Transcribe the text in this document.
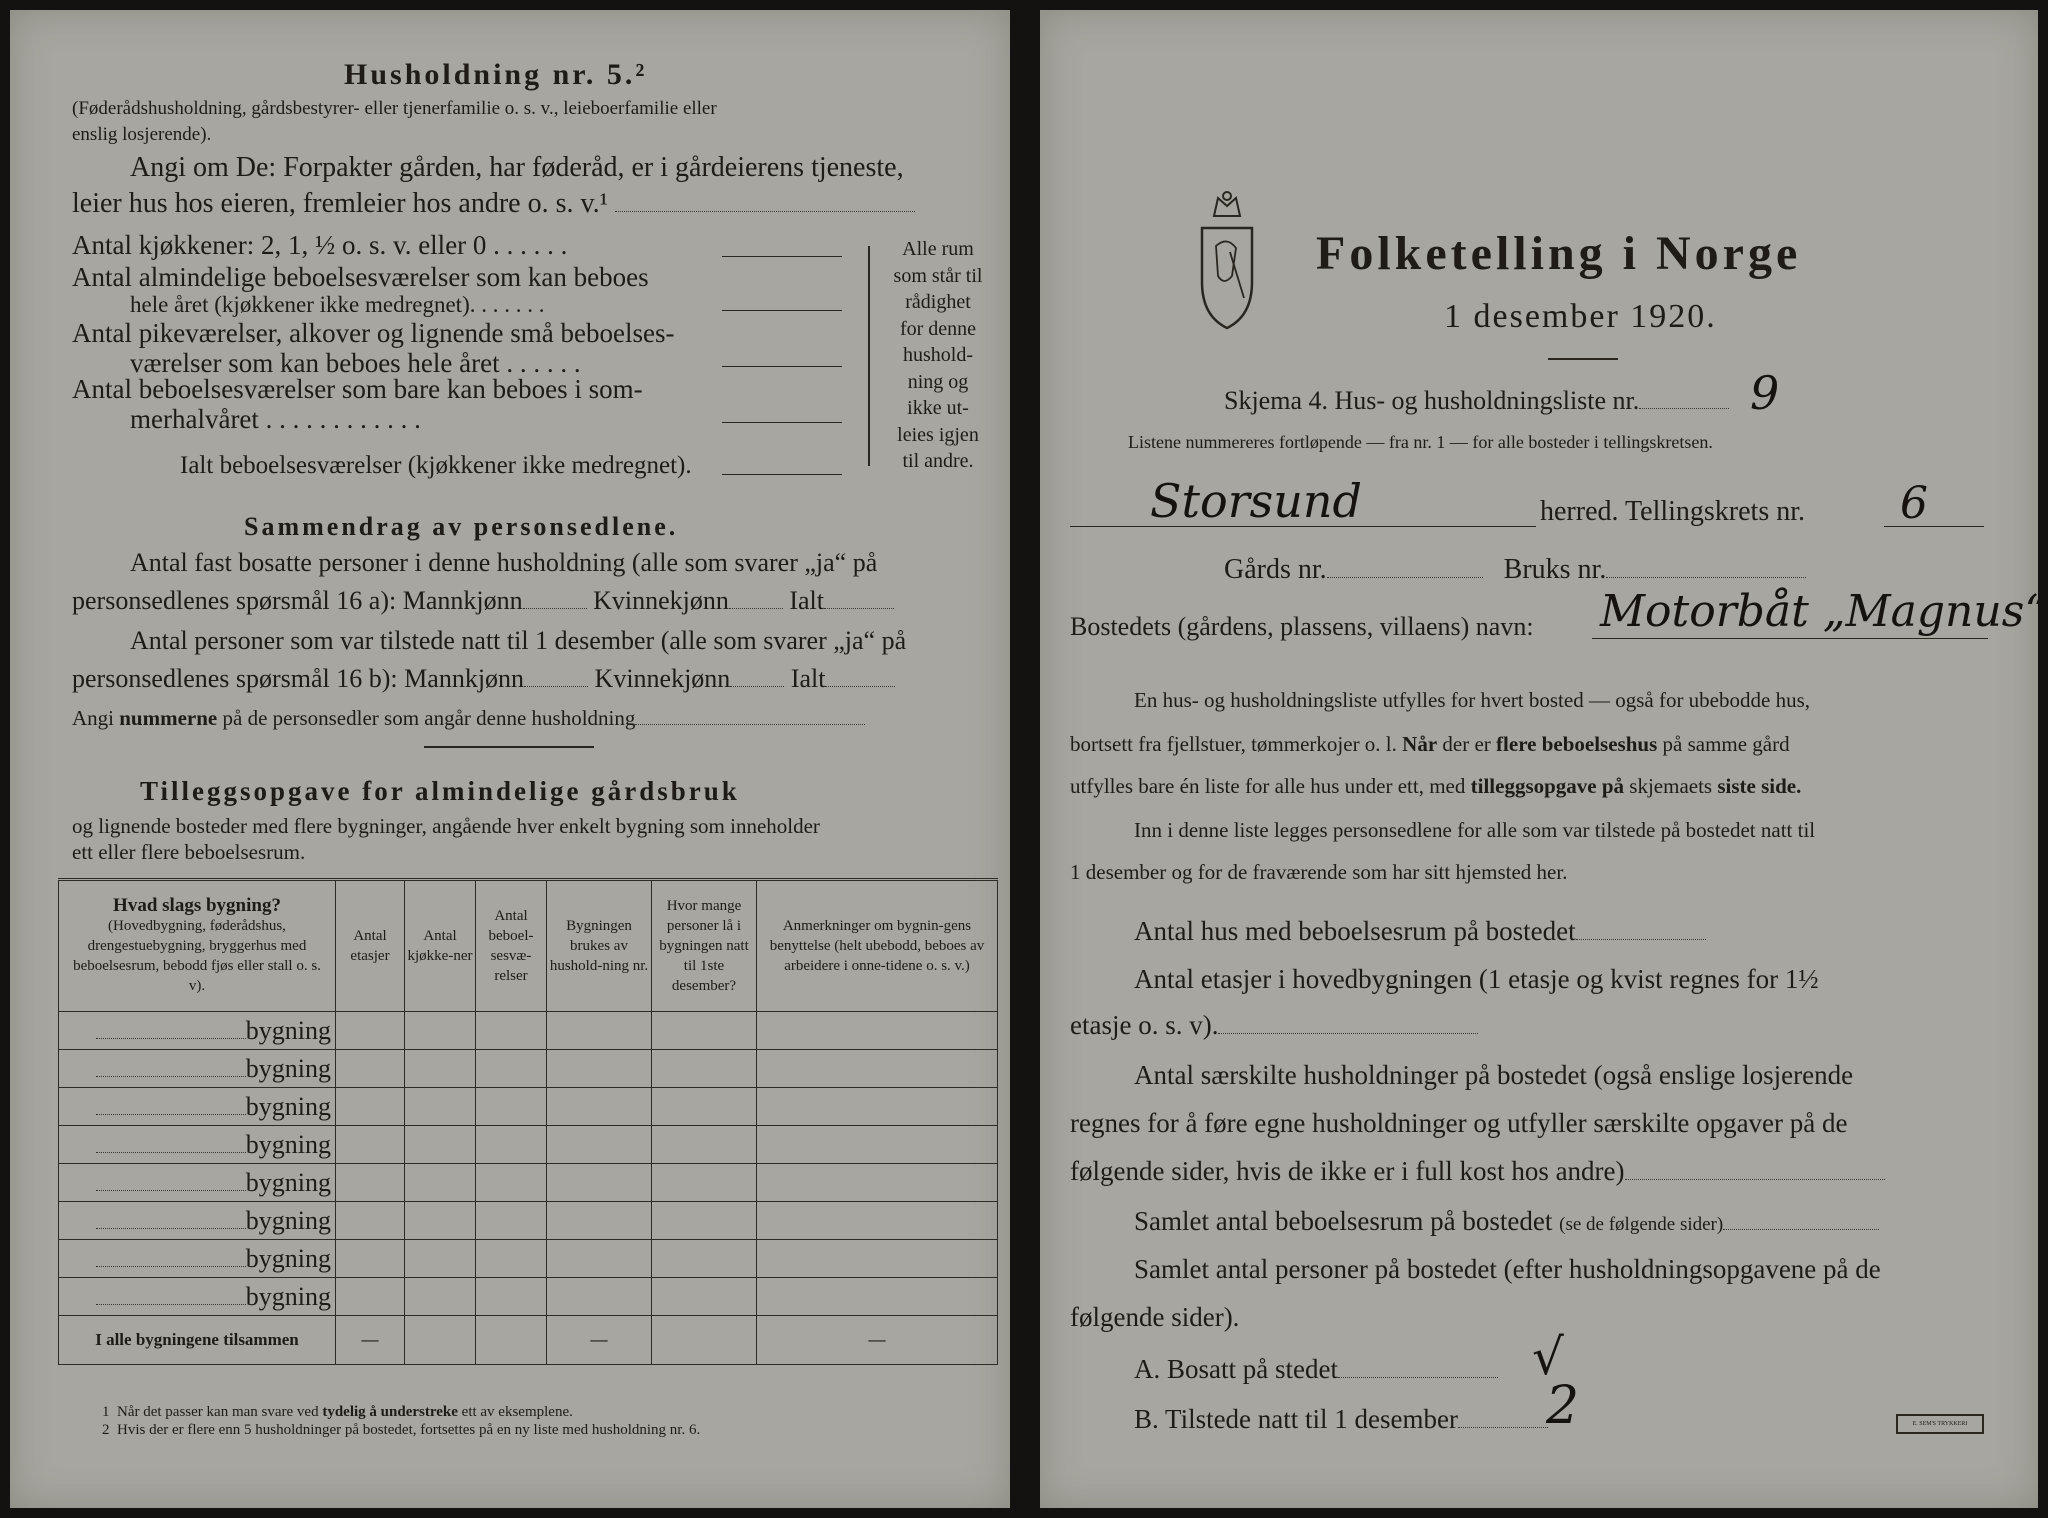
Husholdning nr. 5.²
(Føderådshusholdning, gårdsbestyrer- eller tjenerfamilie o. s. v., leieboerfamilie eller
enslig losjerende).
Angi om De: Forpakter gården, har føderåd, er i gårdeierens tjeneste,
leier hus hos eieren, fremleier hos andre o. s. v.¹
Antal kjøkkener: 2, 1, ½ o. s. v. eller 0 . . . . . .
Antal almindelige beboelsesværelser som kan beboes
hele året (kjøkkener ikke medregnet). . . . . . .
Antal pikeværelser, alkover og lignende små beboelses-
værelser som kan beboes hele året . . . . . .
Antal beboelsesværelser som bare kan beboes i som-
merhalvåret . . . . . . . . . . . .
Ialt beboelsesværelser (kjøkkener ikke medregnet).
Alle rum
som står til
rådighet
for denne
hushold-
ning og
ikke ut-
leies igjen
til andre.
Sammendrag av personsedlene.
Antal fast bosatte personer i denne husholdning (alle som svarer „ja“ på
personsedlenes spørsmål 16 a): Mannkjønn	Kvinnekjønn Ialt
Antal personer som var tilstede natt til 1 desember (alle som svarer „ja“ på
personsedlenes spørsmål 16 b): Mannkjønn	Kvinnekjønn Ialt
Angi nummerne på de personsedler som angår denne husholdning
Tilleggsopgave for almindelige gårdsbruk
og lignende bosteder med flere bygninger, angående hver enkelt bygning som inneholder
ett eller flere beboelsesrum.
Hvad slags bygning?
(Hovedbygning, føderådshus, drengestuebygning, bryggerhus med beboelsesrum, bebodd fjøs eller stall o. s. v).	Antal etasjer	Antal kjøkke-ner	Antal beboel-sesvæ-relser	Bygningen brukes av hushold-ning nr.	Hvor mange personer lå i bygningen natt til 1ste desember?	Anmerkninger om bygnin-gens benyttelse (helt ubebodd, beboes av arbeidere i onne-tidene o. s. v.)
bygning						
bygning						
bygning						
bygning						
bygning						
bygning						
bygning						
bygning						
I alle bygningene tilsammen	—			—		—
1 Når det passer kan man svare ved tydelig å understreke ett av eksemplene.
2 Hvis der er flere enn 5 husholdninger på bostedet, fortsettes på en ny liste med husholdning nr. 6.
Folketelling i Norge
1 desember 1920.
Skjema 4. Hus- og husholdningsliste nr.	9
Listene nummereres fortløpende — fra nr. 1 — for alle bosteder i tellingskretsen.
Storsund	herred. Tellingskrets nr. 6
Gårds nr.	Bruks nr.
Bostedets (gårdens, plassens, villaens) navn: Motorbåt „Magnus“
En hus- og husholdningsliste utfylles for hvert bosted — også for ubebodde hus,
bortsett fra fjellstuer, tømmerkojer o. l. Når der er flere beboelseshus på samme gård
utfylles bare én liste for alle hus under ett, med tilleggsopgave på skjemaets siste side.
Inn i denne liste legges personsedlene for alle som var tilstede på bostedet natt til
1 desember og for de fraværende som har sitt hjemsted her.
Antal hus med beboelsesrum på bostedet
Antal etasjer i hovedbygningen (1 etasje og kvist regnes for 1½
etasje o. s. v).
Antal særskilte husholdninger på bostedet (også enslige losjerende
regnes for å føre egne husholdninger og utfyller særskilte opgaver på de
følgende sider, hvis de ikke er i full kost hos andre)
Samlet antal beboelsesrum på bostedet (se de følgende sider)
Samlet antal personer på bostedet (efter husholdningsopgavene på de
følgende sider).
A. Bosatt på stedet	√
B. Tilstede natt til 1 desember	2	E. SEM'S TRYKKERI
